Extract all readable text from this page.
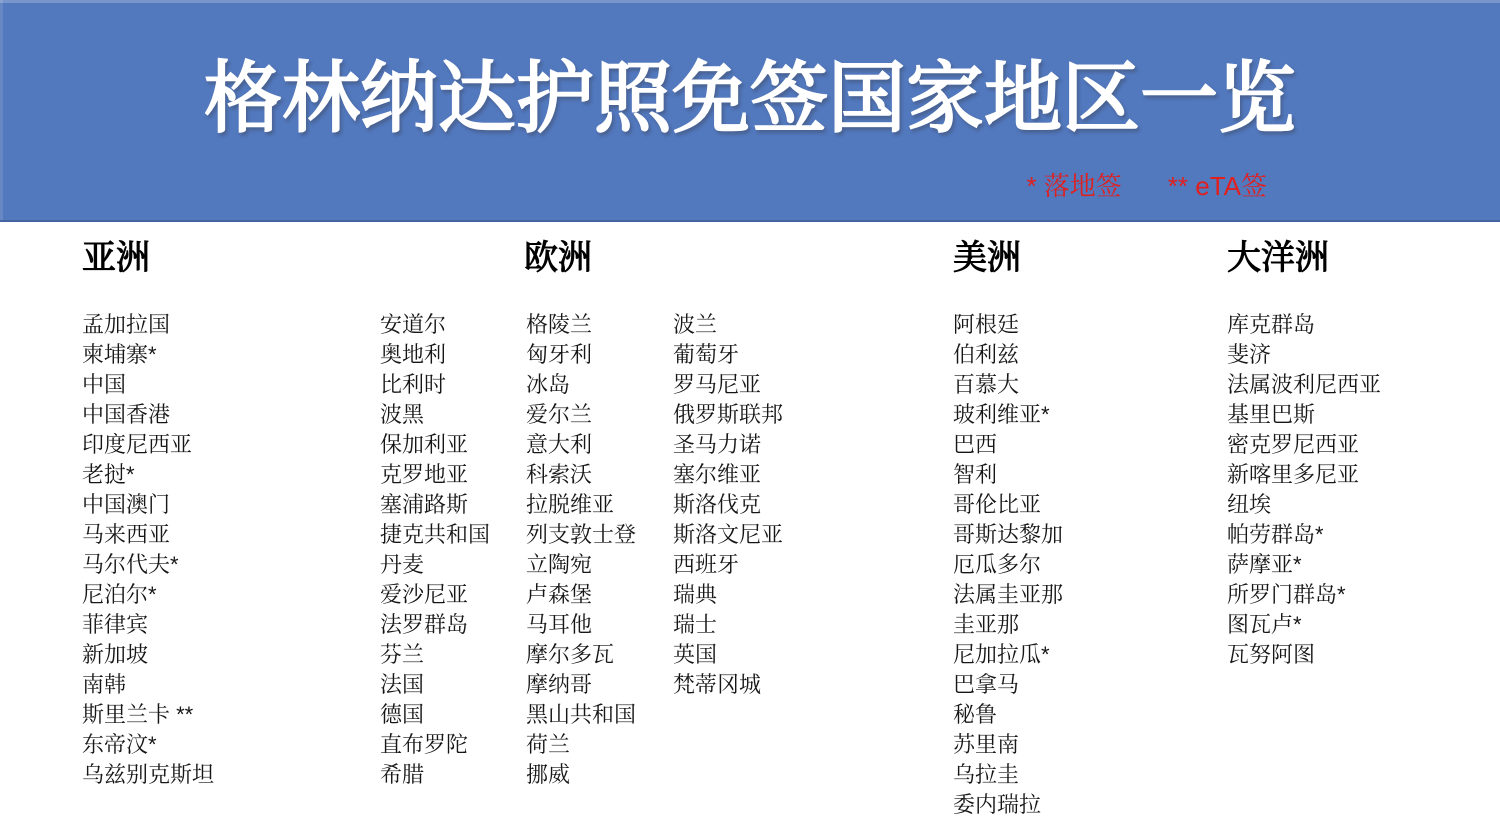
格林纳达护照免签国家地区一览
* 落地签 ** eTA签
亚洲
孟加拉国
柬埔寨*
中国
中国香港
印度尼西亚
老挝*
中国澳门
马来西亚
马尔代夫*
尼泊尔*
菲律宾
新加坡
南韩
斯里兰卡 **
东帝汶*
乌兹别克斯坦
欧洲
安道尔
奥地利
比利时
波黑
保加利亚
克罗地亚
塞浦路斯
捷克共和国
丹麦
爱沙尼亚
法罗群岛
芬兰
法国
德国
直布罗陀
希腊
格陵兰
匈牙利
冰岛
爱尔兰
意大利
科索沃
拉脱维亚
列支敦士登
立陶宛
卢森堡
马耳他
摩尔多瓦
摩纳哥
黑山共和国
荷兰
挪威
波兰
葡萄牙
罗马尼亚
俄罗斯联邦
圣马力诺
塞尔维亚
斯洛伐克
斯洛文尼亚
西班牙
瑞典
瑞士
英国
梵蒂冈城
美洲
阿根廷
伯利兹
百慕大
玻利维亚*
巴西
智利
哥伦比亚
哥斯达黎加
厄瓜多尔
法属圭亚那
圭亚那
尼加拉瓜*
巴拿马
秘鲁
苏里南
乌拉圭
委内瑞拉
大洋洲
库克群岛
斐济
法属波利尼西亚
基里巴斯
密克罗尼西亚
新喀里多尼亚
纽埃
帕劳群岛*
萨摩亚*
所罗门群岛*
图瓦卢*
瓦努阿图
